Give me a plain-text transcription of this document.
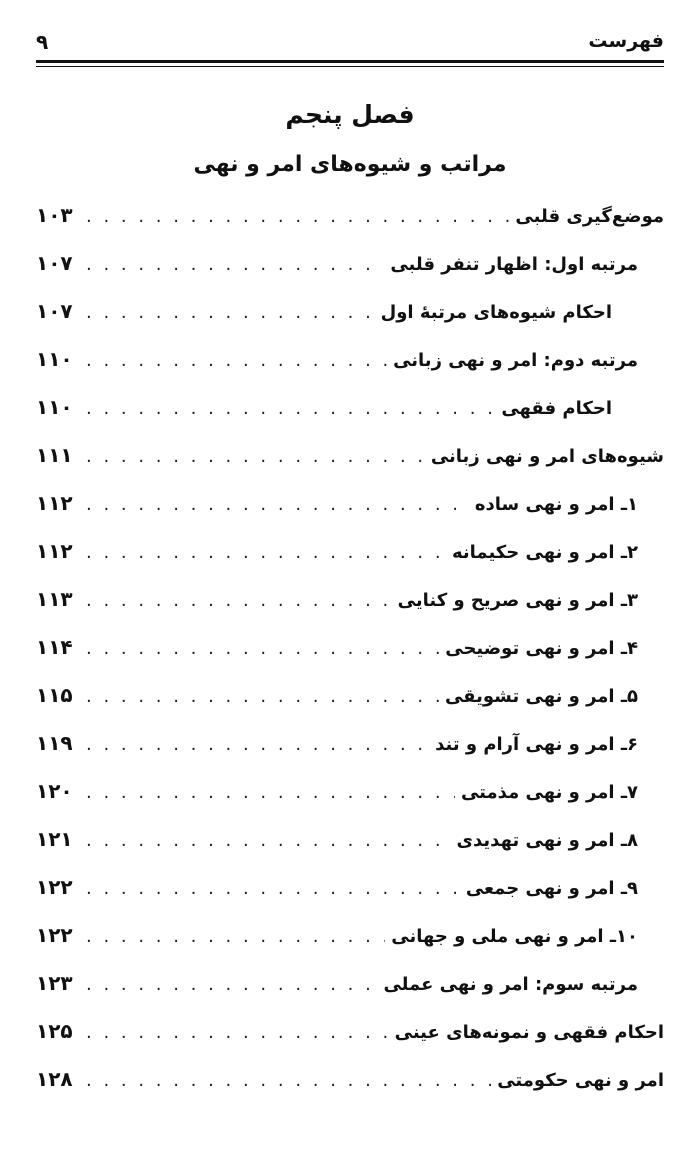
فهرست
۹
فصل پنجم
مراتب و شیوه‌های امر و نهی
موضع‌گیری قلبی
. . .
۱۰۳
مرتبه اول: اظهار تنفر قلبی
. . .
۱۰۷
احکام شیوه‌های مرتبۀ اول
. . .
۱۰۷
مرتبه دوم: امر و نهی زبانی
. . .
۱۱۰
احکام فقهی
. . .
۱۱۰
شیوه‌های امر و نهی زبانی
. . .
۱۱۱
۱ـ امر و نهی ساده
. . .
۱۱۲
۲ـ امر و نهی حکیمانه
. . .
۱۱۲
۳ـ امر و نهی صریح و کنایی
. . .
۱۱۳
۴ـ امر و نهی توضیحی
. . .
۱۱۴
۵ـ امر و نهی تشویقی
. . .
۱۱۵
۶ـ امر و نهی آرام و تند
. . .
۱۱۹
۷ـ امر و نهی مذمتی
. . .
۱۲۰
۸ـ امر و نهی تهدیدی
. . .
۱۲۱
۹ـ امر و نهی جمعی
. . .
۱۲۲
۱۰ـ امر و نهی ملی و جهانی
. . .
۱۲۲
مرتبه سوم: امر و نهی عملی
. . .
۱۲۳
احکام فقهی و نمونه‌های عینی
. . .
۱۲۵
امر و نهی حکومتی
. . .
۱۲۸
